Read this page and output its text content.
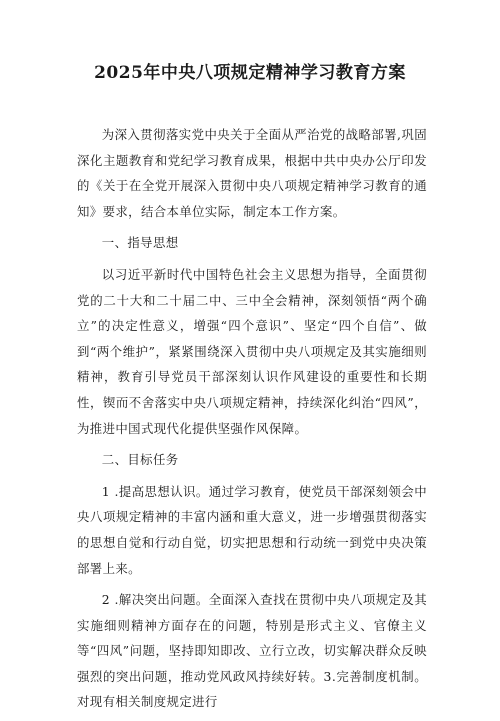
2025年中央八项规定精神学习教育方案

为深入贯彻落实党中央关于全面从严治党的战略部署,巩固深化主题教育和党纪学习教育成果，根据中共中央办公厅印发的《关于在全党开展深入贯彻中央八项规定精神学习教育的通知》要求，结合本单位实际，制定本工作方案。

一、指导思想

以习近平新时代中国特色社会主义思想为指导，全面贯彻党的二十大和二十届二中、三中全会精神，深刻领悟“两个确立”的决定性意义，增强“四个意识”、坚定“四个自信”、做到“两个维护”，紧紧围绕深入贯彻中央八项规定及其实施细则精神，教育引导党员干部深刻认识作风建设的重要性和长期性，锲而不舍落实中央八项规定精神，持续深化纠治“四风”，为推进中国式现代化提供坚强作风保障。

二、目标任务

1 .提高思想认识。通过学习教育，使党员干部深刻领会中央八项规定精神的丰富内涵和重大意义，进一步增强贯彻落实的思想自觉和行动自觉，切实把思想和行动统一到党中央决策部署上来。

2 .解决突出问题。全面深入查找在贯彻中央八项规定及其实施细则精神方面存在的问题，特别是形式主义、官僚主义等“四风”问题，坚持即知即改、立行立改，切实解决群众反映强烈的突出问题，推动党风政风持续好转。3.完善制度机制。对现有相关制度规定进行
